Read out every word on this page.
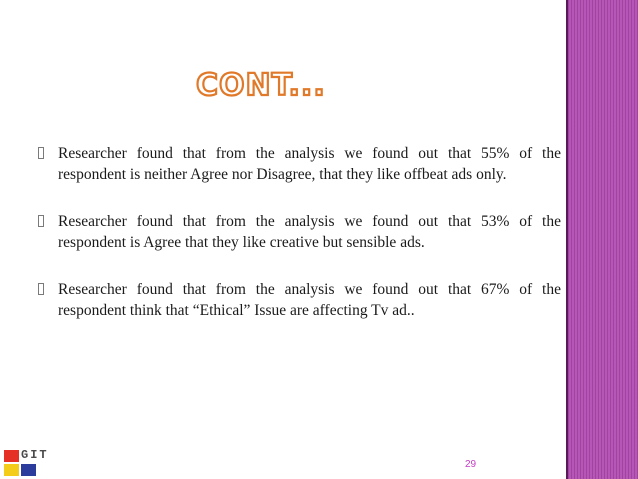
CONT...
Researcher found that from the analysis we found out that 55% of the respondent is neither Agree nor Disagree, that they like offbeat ads only.
Researcher found that from the analysis we found out that 53% of the respondent is Agree that they like creative but sensible ads.
Researcher found that from the analysis we found out that 67% of the respondent think that “Ethical” Issue are affecting Tv ad..
GIT
29
